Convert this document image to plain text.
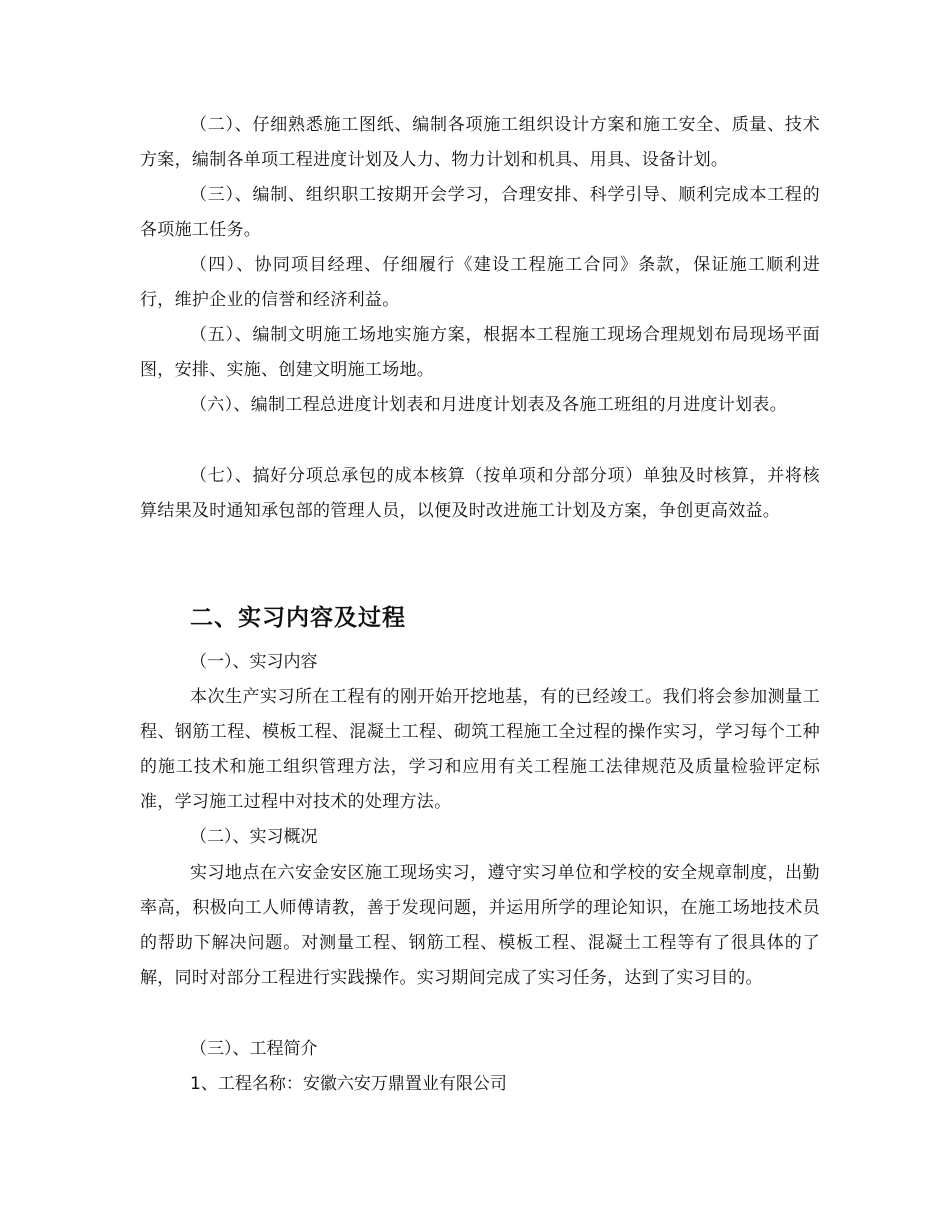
（二）、仔细熟悉施工图纸、编制各项施工组织设计方案和施工安全、质量、技术方案，编制各单项工程进度计划及人力、物力计划和机具、用具、设备计划。

（三）、编制、组织职工按期开会学习，合理安排、科学引导、顺利完成本工程的各项施工任务。

（四）、协同项目经理、仔细履行《建设工程施工合同》条款，保证施工顺利进行，维护企业的信誉和经济利益。

（五）、编制文明施工场地实施方案，根据本工程施工现场合理规划布局现场平面图，安排、实施、创建文明施工场地。

（六）、编制工程总进度计划表和月进度计划表及各施工班组的月进度计划表。

（七）、搞好分项总承包的成本核算（按单项和分部分项）单独及时核算，并将核算结果及时通知承包部的管理人员，以便及时改进施工计划及方案，争创更高效益。

二、实习内容及过程

（一）、实习内容

本次生产实习所在工程有的刚开始开挖地基，有的已经竣工。我们将会参加测量工程、钢筋工程、模板工程、混凝土工程、砌筑工程施工全过程的操作实习，学习每个工种的施工技术和施工组织管理方法，学习和应用有关工程施工法律规范及质量检验评定标准，学习施工过程中对技术的处理方法。

（二）、实习概况

实习地点在六安金安区施工现场实习，遵守实习单位和学校的安全规章制度，出勤率高，积极向工人师傅请教，善于发现问题，并运用所学的理论知识，在施工场地技术员的帮助下解决问题。对测量工程、钢筋工程、模板工程、混凝土工程等有了很具体的了解，同时对部分工程进行实践操作。实习期间完成了实习任务，达到了实习目的。

（三）、工程简介

1、工程名称：安徽六安万鼎置业有限公司
